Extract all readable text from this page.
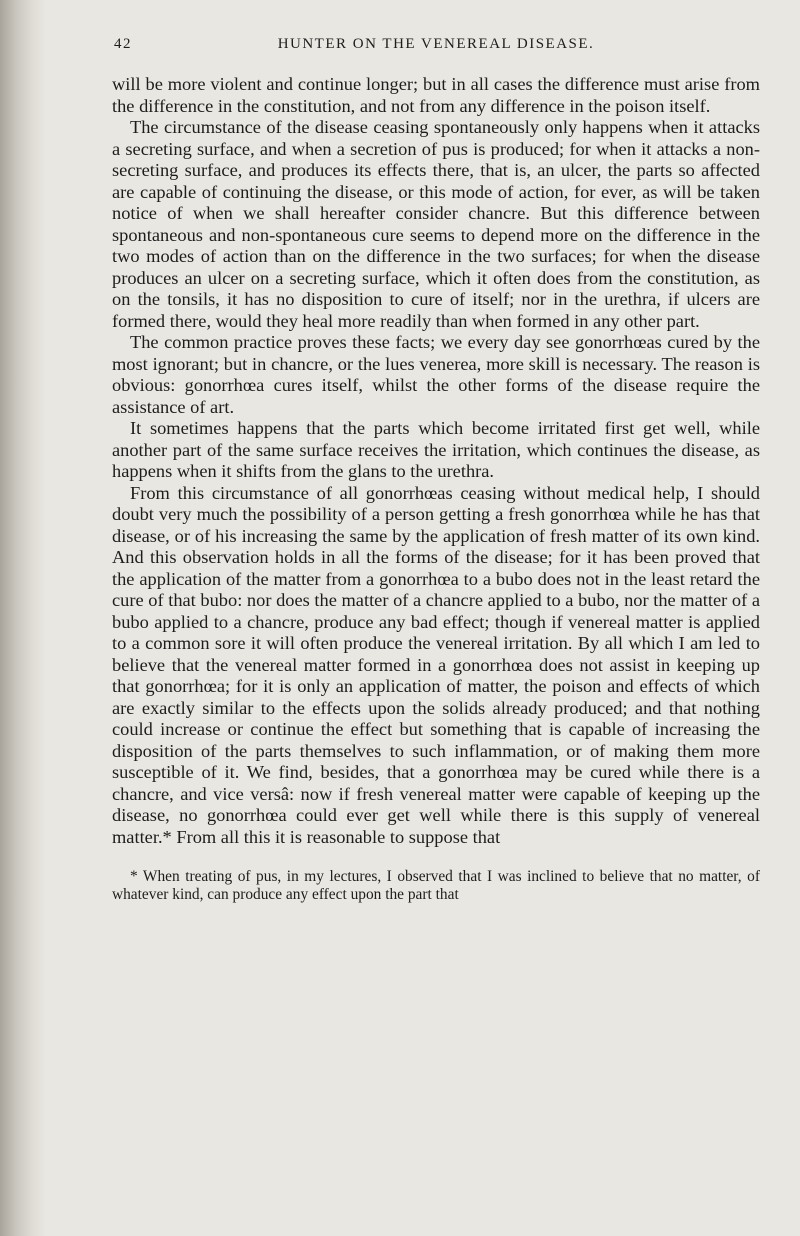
42	HUNTER ON THE VENEREAL DISEASE.

will be more violent and continue longer; but in all cases the difference must arise from the difference in the constitution, and not from any difference in the poison itself.

The circumstance of the disease ceasing spontaneously only happens when it attacks a secreting surface, and when a secretion of pus is produced; for when it attacks a non-secreting surface, and produces its effects there, that is, an ulcer, the parts so affected are capable of continuing the disease, or this mode of action, for ever, as will be taken notice of when we shall hereafter consider chancre. But this difference between spontaneous and non-spontaneous cure seems to depend more on the difference in the two modes of action than on the difference in the two surfaces; for when the disease produces an ulcer on a secreting surface, which it often does from the constitution, as on the tonsils, it has no disposition to cure of itself; nor in the urethra, if ulcers are formed there, would they heal more readily than when formed in any other part.

The common practice proves these facts; we every day see gonorrhœas cured by the most ignorant; but in chancre, or the lues venerea, more skill is necessary. The reason is obvious: gonorrhœa cures itself, whilst the other forms of the disease require the assistance of art.

It sometimes happens that the parts which become irritated first get well, while another part of the same surface receives the irritation, which continues the disease, as happens when it shifts from the glans to the urethra.

From this circumstance of all gonorrhœas ceasing without medical help, I should doubt very much the possibility of a person getting a fresh gonorrhœa while he has that disease, or of his increasing the same by the application of fresh matter of its own kind. And this observation holds in all the forms of the disease; for it has been proved that the application of the matter from a gonorrhœa to a bubo does not in the least retard the cure of that bubo: nor does the matter of a chancre applied to a bubo, nor the matter of a bubo applied to a chancre, produce any bad effect; though if venereal matter is applied to a common sore it will often produce the venereal irritation. By all which I am led to believe that the venereal matter formed in a gonorrhœa does not assist in keeping up that gonorrhœa; for it is only an application of matter, the poison and effects of which are exactly similar to the effects upon the solids already produced; and that nothing could increase or continue the effect but something that is capable of increasing the disposition of the parts themselves to such inflammation, or of making them more susceptible of it. We find, besides, that a gonorrhœa may be cured while there is a chancre, and vice versâ: now if fresh venereal matter were capable of keeping up the disease, no gonorrhœa could ever get well while there is this supply of venereal matter.* From all this it is reasonable to suppose that

* When treating of pus, in my lectures, I observed that I was inclined to believe that no matter, of whatever kind, can produce any effect upon the part that
